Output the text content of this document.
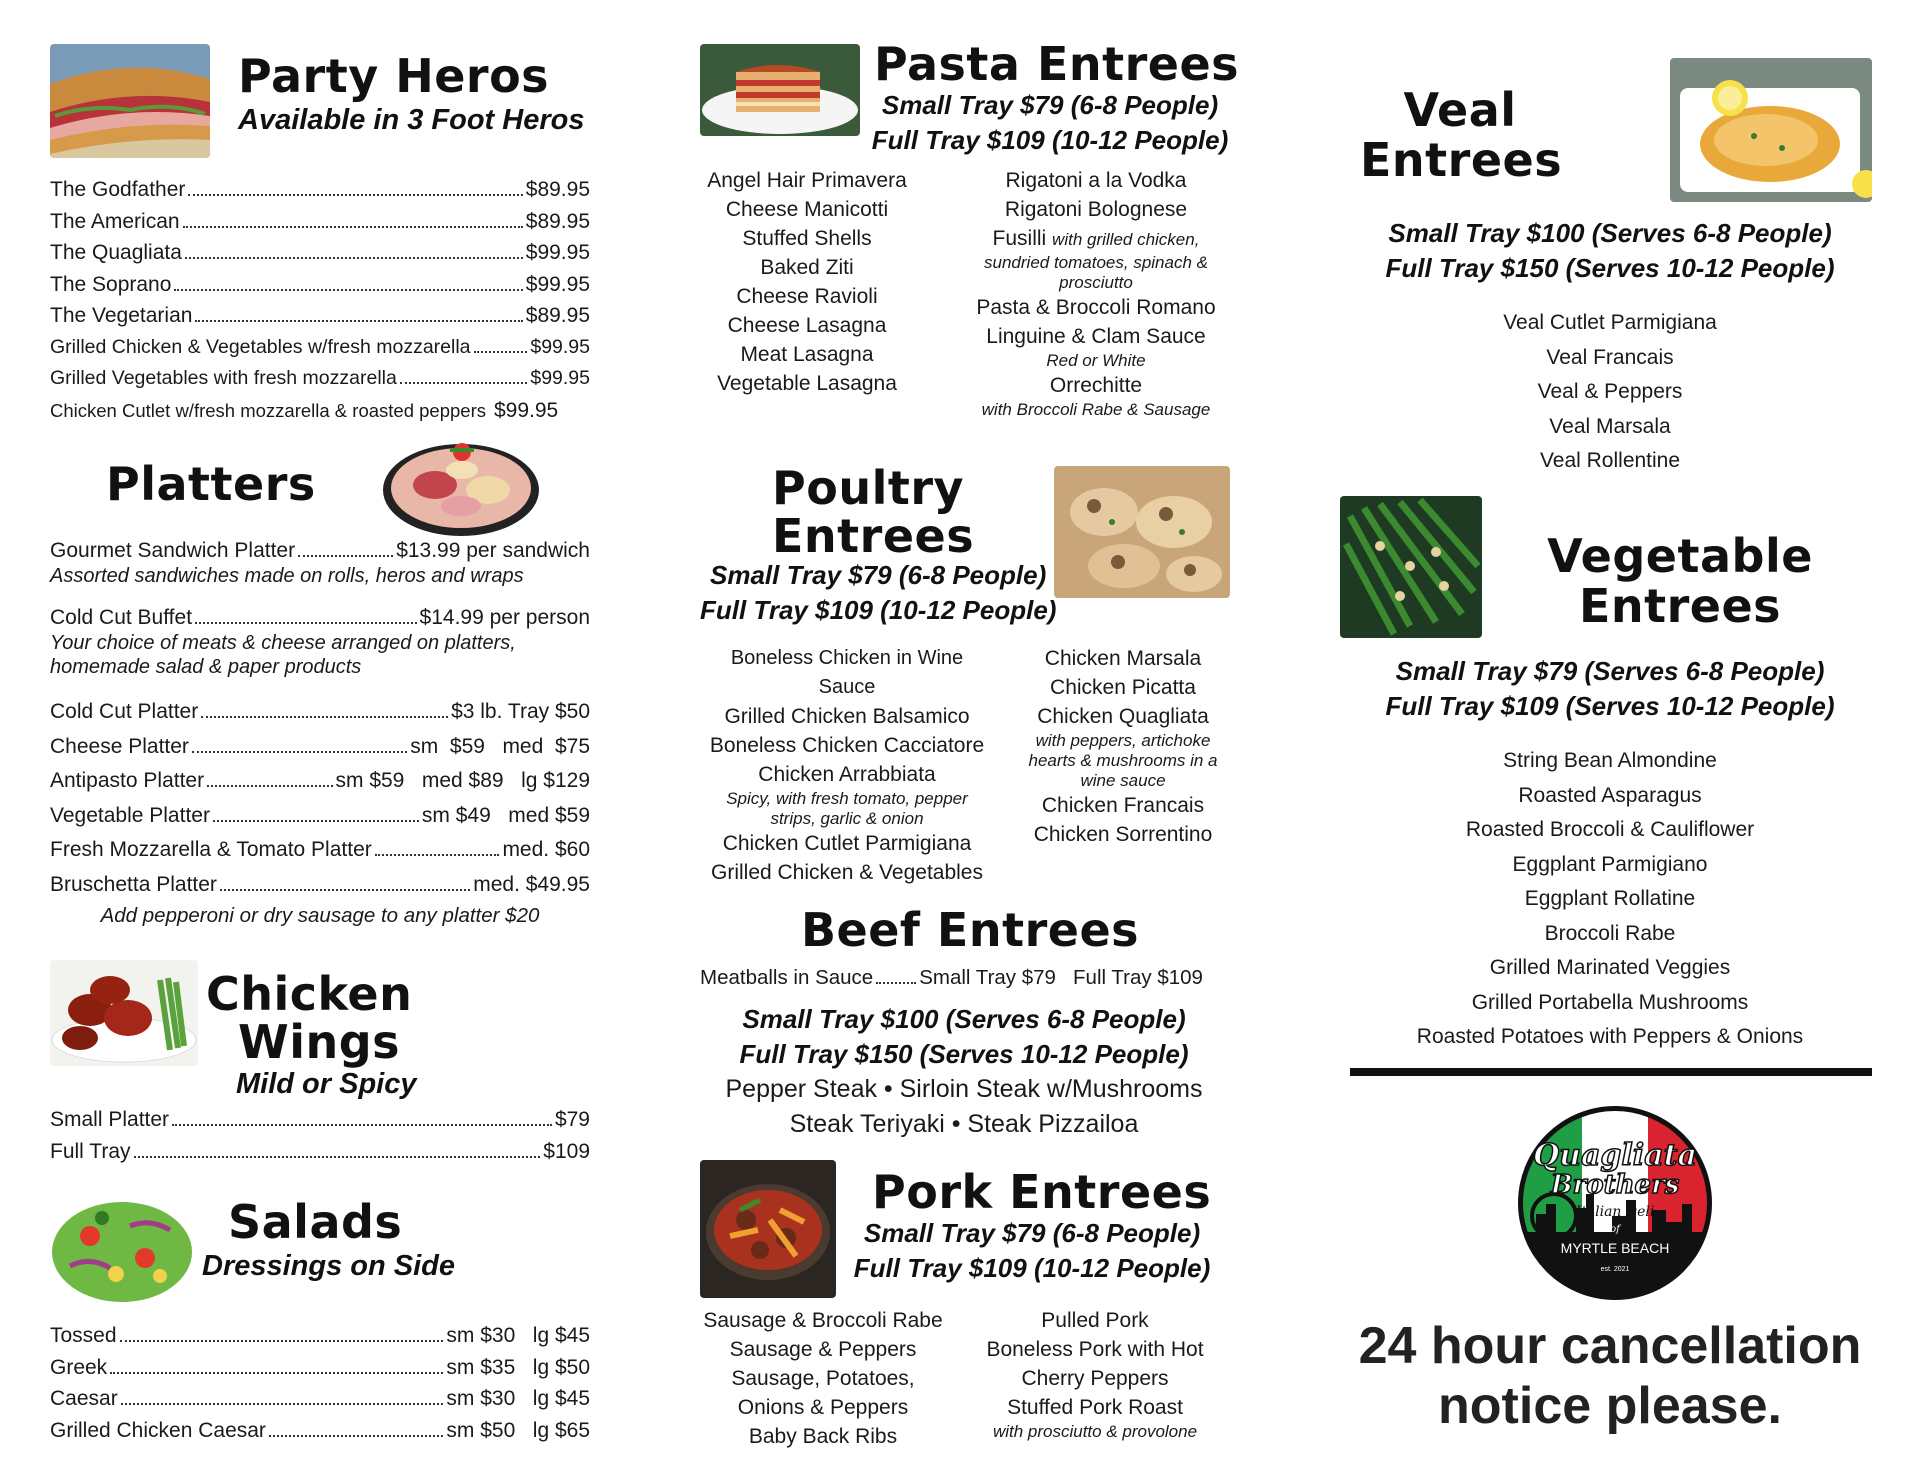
Party Heros
Available in 3 Foot Heros
The Godfather	$89.95
The American	$89.95
The Quagliata	$99.95
The Soprano	$99.95
The Vegetarian	$89.95
Grilled Chicken & Vegetables w/fresh mozzarella	$99.95
Grilled Vegetables with fresh mozzarella	$99.95
Chicken Cutlet w/fresh mozzarella & roasted peppers $99.95
Platters
Gourmet Sandwich Platter	$13.99 per sandwich
Assorted sandwiches made on rolls, heros and wraps
Cold Cut Buffet	$14.99 per person
Your choice of meats & cheese arranged on platters,
homemade salad & paper products
Cold Cut Platter	$3 lb. Tray $50
Cheese Platter	sm  $59   med  $75
Antipasto Platter	sm $59   med $89   lg $129
Vegetable Platter	sm $49   med $59
Fresh Mozzarella & Tomato Platter	med. $60
Bruschetta Platter	med. $49.95
Add pepperoni or dry sausage to any platter $20
Chicken
Wings
Mild or Spicy
Small Platter	$79
Full Tray	$109
Salads
Dressings on Side
Tossed	sm $30   lg $45
Greek	sm $35   lg $50
Caesar	sm $30   lg $45
Grilled Chicken Caesar	sm $50   lg $65
Pasta Entrees
Small Tray $79 (6-8 People)
Full Tray $109 (10-12 People)
Angel Hair Primavera
Cheese Manicotti
Stuffed Shells
Baked Ziti
Cheese Ravioli
Cheese Lasagna
Meat Lasagna
Vegetable Lasagna
Rigatoni a la Vodka
Rigatoni Bolognese
Fusilli with grilled chicken,
sundried tomatoes, spinach & prosciutto
Pasta & Broccoli Romano
Linguine & Clam Sauce
Red or White
Orrechitte
with Broccoli Rabe & Sausage
Poultry
Entrees
Small Tray $79 (6-8 People)
Full Tray $109 (10-12 People)
Boneless Chicken in Wine Sauce
Grilled Chicken Balsamico
Boneless Chicken Cacciatore
Chicken Arrabbiata
Spicy, with fresh tomato, pepper strips, garlic & onion
Chicken Cutlet Parmigiana
Grilled Chicken & Vegetables
Chicken Marsala
Chicken Picatta
Chicken Quagliata
with peppers, artichoke hearts & mushrooms in a wine sauce
Chicken Francais
Chicken Sorrentino
Beef Entrees
Meatballs in Sauce Small Tray $79   Full Tray $109
Small Tray $100 (Serves 6-8 People)
Full Tray $150 (Serves 10-12 People)
Pepper Steak • Sirloin Steak w/Mushrooms
Steak Teriyaki • Steak Pizzailoa
Pork Entrees
Small Tray $79 (6-8 People)
Full Tray $109 (10-12 People)
Sausage & Broccoli Rabe
Sausage & Peppers
Sausage, Potatoes,
Onions & Peppers
Baby Back Ribs
Pulled Pork
Boneless Pork with Hot
Cherry Peppers
Stuffed Pork Roast
with prosciutto & provolone
Veal
Entrees
Small Tray $100 (Serves 6-8 People)
Full Tray $150 (Serves 10-12 People)
Veal Cutlet Parmigiana
Veal Francais
Veal & Peppers
Veal Marsala
Veal Rollentine
Vegetable
Entrees
Small Tray $79 (Serves 6-8 People)
Full Tray $109 (Serves 10-12 People)
String Bean Almondine
Roasted Asparagus
Roasted Broccoli & Cauliflower
Eggplant Parmigiano
Eggplant Rollatine
Broccoli Rabe
Grilled Marinated Veggies
Grilled Portabella Mushrooms
Roasted Potatoes with Peppers & Onions
Quagliata
Brothers
Italian Deli
of
MYRTLE BEACH
est. 2021
24 hour cancellation
notice please.
